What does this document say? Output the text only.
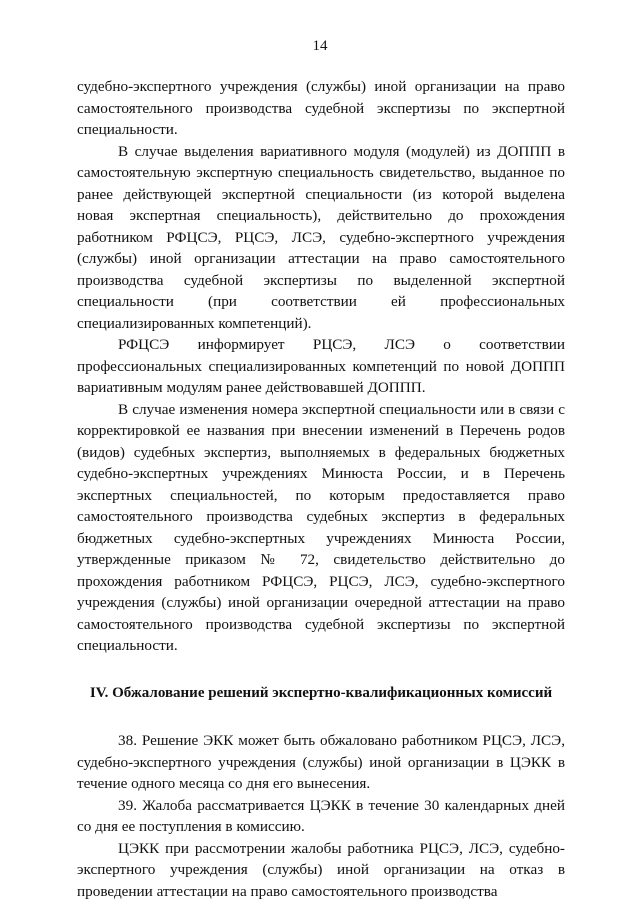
14

судебно-экспертного учреждения (службы) иной организации на право самостоятельного производства судебной экспертизы по экспертной специальности.

В случае выделения вариативного модуля (модулей) из ДОППП в самостоятельную экспертную специальность свидетельство, выданное по ранее действующей экспертной специальности (из которой выделена новая экспертная специальность), действительно до прохождения работником РФЦСЭ, РЦСЭ, ЛСЭ, судебно-экспертного учреждения (службы) иной организации аттестации на право самостоятельного производства судебной экспертизы по выделенной экспертной специальности (при соответствии ей профессиональных специализированных компетенций).

РФЦСЭ информирует РЦСЭ, ЛСЭ о соответствии профессиональных специализированных компетенций по новой ДОППП вариативным модулям ранее действовавшей ДОППП.

В случае изменения номера экспертной специальности или в связи с корректировкой ее названия при внесении изменений в Перечень родов (видов) судебных экспертиз, выполняемых в федеральных бюджетных судебно-экспертных учреждениях Минюста России, и в Перечень экспертных специальностей, по которым предоставляется право самостоятельного производства судебных экспертиз в федеральных бюджетных судебно-экспертных учреждениях Минюста России, утвержденные приказом № 72, свидетельство действительно до прохождения работником РФЦСЭ, РЦСЭ, ЛСЭ, судебно-экспертного учреждения (службы) иной организации очередной аттестации на право самостоятельного производства судебной экспертизы по экспертной специальности.

IV. Обжалование решений экспертно-квалификационных комиссий

38. Решение ЭКК может быть обжаловано работником РЦСЭ, ЛСЭ, судебно-экспертного учреждения (службы) иной организации в ЦЭКК в течение одного месяца со дня его вынесения.

39. Жалоба рассматривается ЦЭКК в течение 30 календарных дней со дня ее поступления в комиссию.

ЦЭКК при рассмотрении жалобы работника РЦСЭ, ЛСЭ, судебно-экспертного учреждения (службы) иной организации на отказ в проведении аттестации на право самостоятельного производства
